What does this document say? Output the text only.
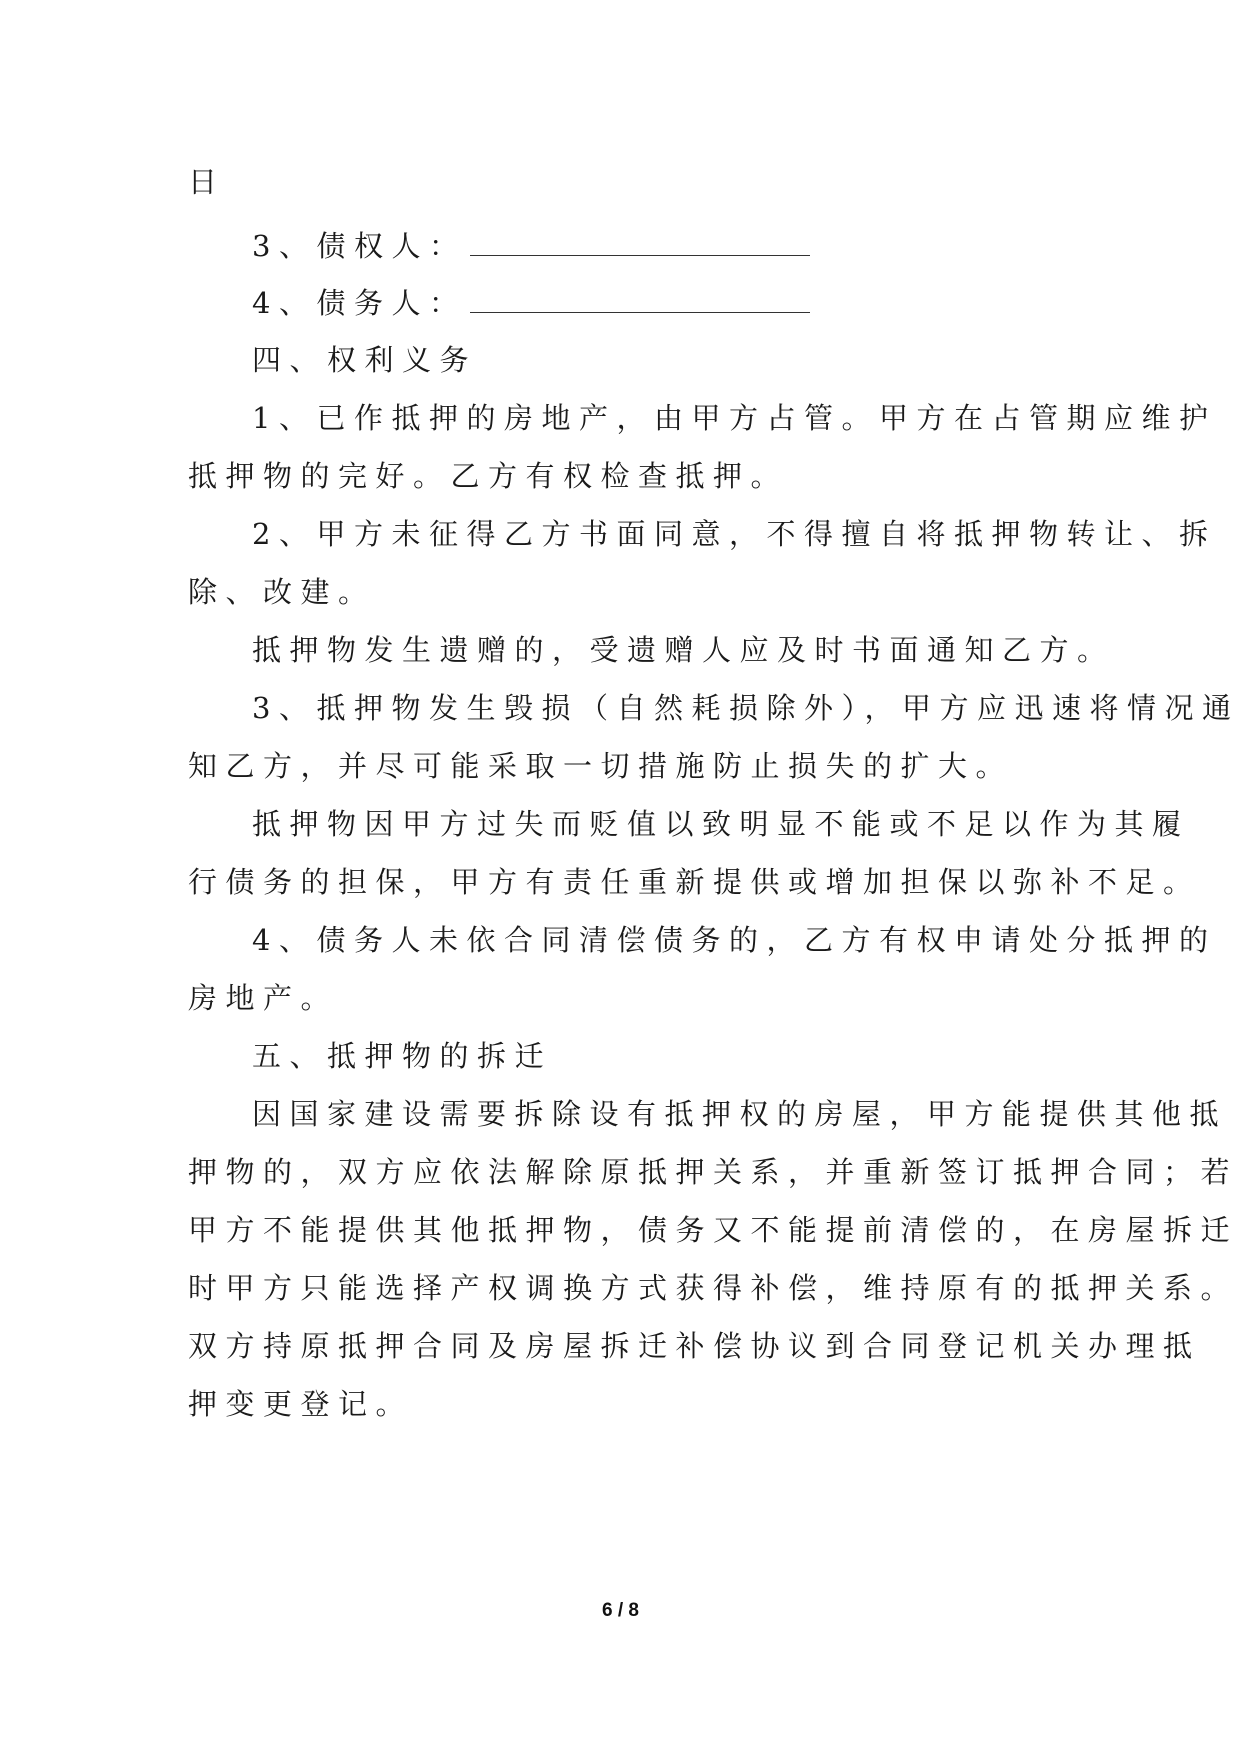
日
3、债权人：
4、债务人：
四、权利义务
1、已作抵押的房地产，由甲方占管。甲方在占管期应维护
抵押物的完好。乙方有权检查抵押。
2、甲方未征得乙方书面同意，不得擅自将抵押物转让、拆
除、改建。
抵押物发生遗赠的，受遗赠人应及时书面通知乙方。
3、抵押物发生毁损（自然耗损除外），甲方应迅速将情况通
知乙方，并尽可能采取一切措施防止损失的扩大。
抵押物因甲方过失而贬值以致明显不能或不足以作为其履
行债务的担保，甲方有责任重新提供或增加担保以弥补不足。
4、债务人未依合同清偿债务的，乙方有权申请处分抵押的
房地产。
五、抵押物的拆迁
因国家建设需要拆除设有抵押权的房屋，甲方能提供其他抵
押物的，双方应依法解除原抵押关系，并重新签订抵押合同；若
甲方不能提供其他抵押物，债务又不能提前清偿的，在房屋拆迁
时甲方只能选择产权调换方式获得补偿，维持原有的抵押关系。
双方持原抵押合同及房屋拆迁补偿协议到合同登记机关办理抵
押变更登记。
6 / 8
